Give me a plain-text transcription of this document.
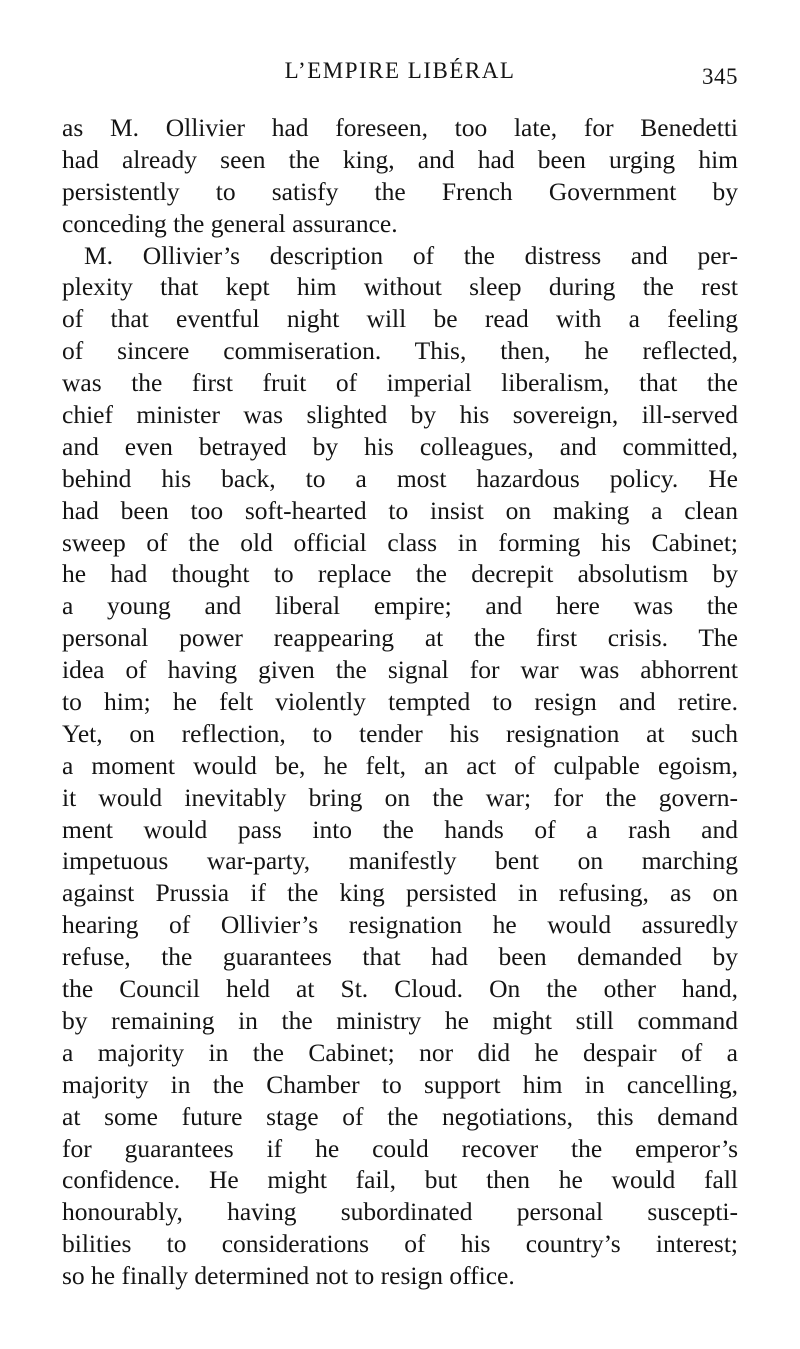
L’EMPIRE LIBÉRAL	345
as M. Ollivier had foreseen, too late, for Benedetti
had already seen the king, and had been urging him
persistently to satisfy the French Government by
conceding the general assurance.
M. Ollivier’s description of the distress and per-
plexity that kept him without sleep during the rest
of that eventful night will be read with a feeling
of sincere commiseration. This, then, he reflected,
was the first fruit of imperial liberalism, that the
chief minister was slighted by his sovereign, ill-served
and even betrayed by his colleagues, and committed,
behind his back, to a most hazardous policy. He
had been too soft-hearted to insist on making a clean
sweep of the old official class in forming his Cabinet;
he had thought to replace the decrepit absolutism by
a young and liberal empire; and here was the
personal power reappearing at the first crisis. The
idea of having given the signal for war was abhorrent
to him; he felt violently tempted to resign and retire.
Yet, on reflection, to tender his resignation at such
a moment would be, he felt, an act of culpable egoism,
it would inevitably bring on the war; for the govern-
ment would pass into the hands of a rash and
impetuous war-party, manifestly bent on marching
against Prussia if the king persisted in refusing, as on
hearing of Ollivier’s resignation he would assuredly
refuse, the guarantees that had been demanded by
the Council held at St. Cloud. On the other hand,
by remaining in the ministry he might still command
a majority in the Cabinet; nor did he despair of a
majority in the Chamber to support him in cancelling,
at some future stage of the negotiations, this demand
for guarantees if he could recover the emperor’s
confidence. He might fail, but then he would fall
honourably, having subordinated personal suscepti-
bilities to considerations of his country’s interest;
so he finally determined not to resign office.
